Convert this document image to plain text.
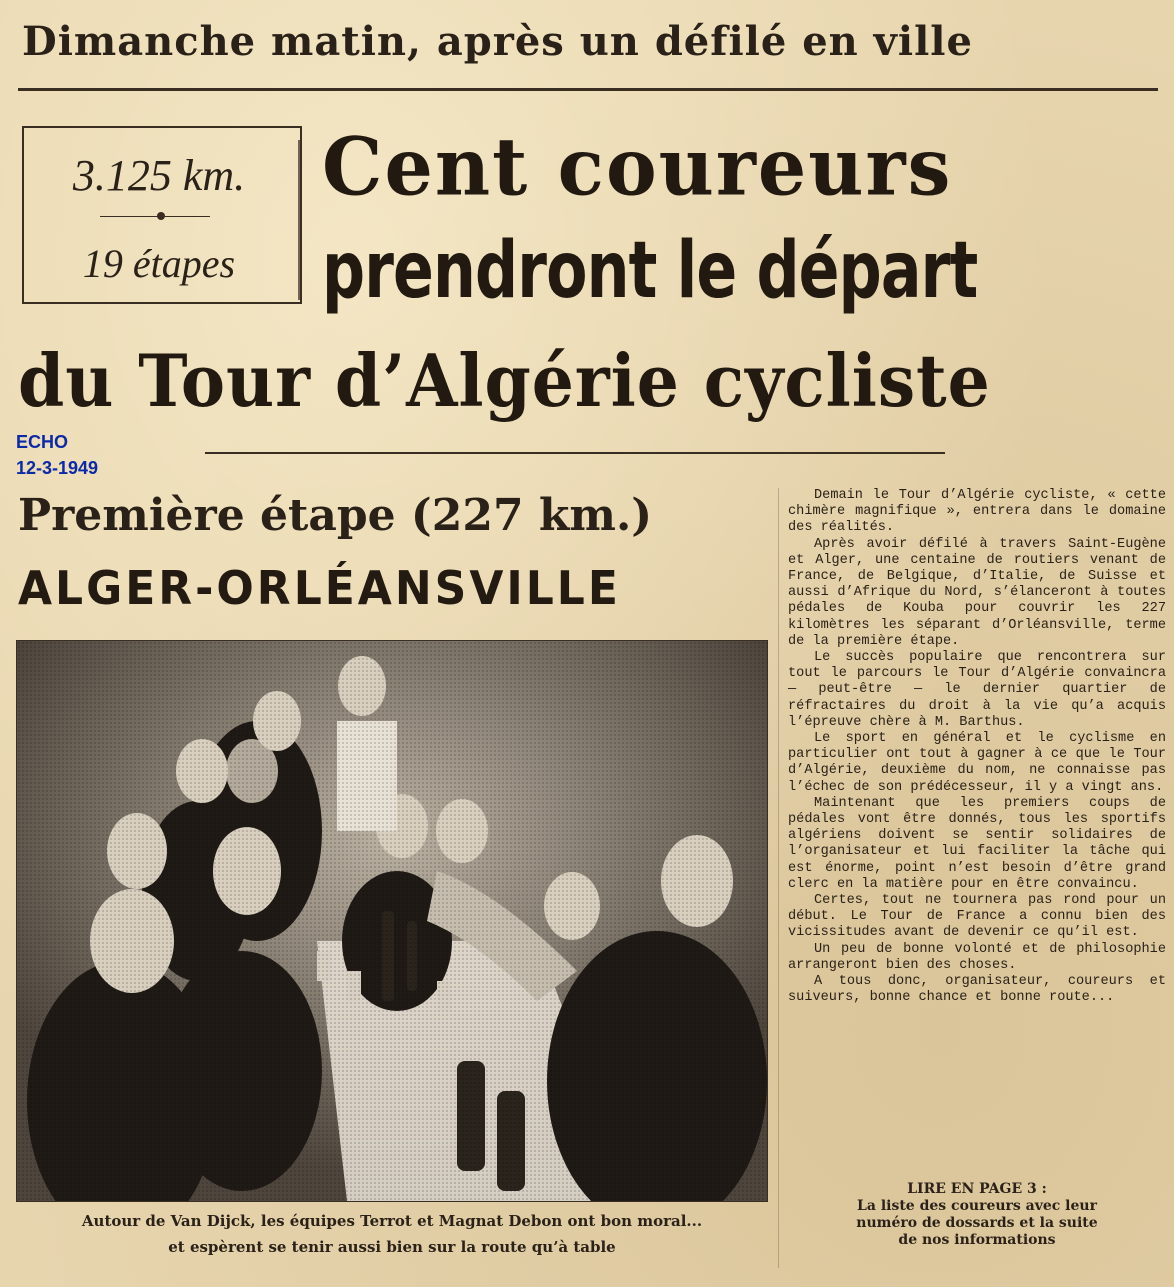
Dimanche matin, après un défilé en ville
3.125 km.
19 étapes
Cent coureurs
prendront le départ
du Tour d’Algérie cycliste
ECHO
12-3-1949
Première étape (227 km.)
ALGER-ORLÉANSVILLE
Autour de Van Dijck, les équipes Terrot et Magnat Debon ont bon moral...
et espèrent se tenir aussi bien sur la route qu’à table

Demain le Tour d’Algérie cycliste, « cette chimère magnifique », entrera dans le domaine des réalités.

Après avoir défilé à travers Saint-Eugène et Alger, une centaine de routiers venant de France, de Belgique, d’Italie, de Suisse et aussi d’Afrique du Nord, s’élanceront à toutes pédales de Kouba pour couvrir les 227 kilomètres les séparant d’Orléansville, terme de la première étape.

Le succès populaire que rencontrera sur tout le parcours le Tour d’Algérie convaincra — peut-être — le dernier quartier de réfractaires du droit à la vie qu’a acquis l’épreuve chère à M. Barthus.

Le sport en général et le cyclisme en particulier ont tout à gagner à ce que le Tour d’Algérie, deuxième du nom, ne connaisse pas l’échec de son prédécesseur, il y a vingt ans.

Maintenant que les premiers coups de pédales vont être donnés, tous les sportifs algériens doivent se sentir solidaires de l’organisateur et lui faciliter la tâche qui est énorme, point n’est besoin d’être grand clerc en la matière pour en être convaincu.

Certes, tout ne tournera pas rond pour un début. Le Tour de France a connu bien des vicissitudes avant de devenir ce qu’il est.

Un peu de bonne volonté et de philosophie arrangeront bien des choses.

A tous donc, organisateur, coureurs et suiveurs, bonne chance et bonne route...

LIRE EN PAGE 3 :
La liste des coureurs avec leur
numéro de dossards et la suite
de nos informations
